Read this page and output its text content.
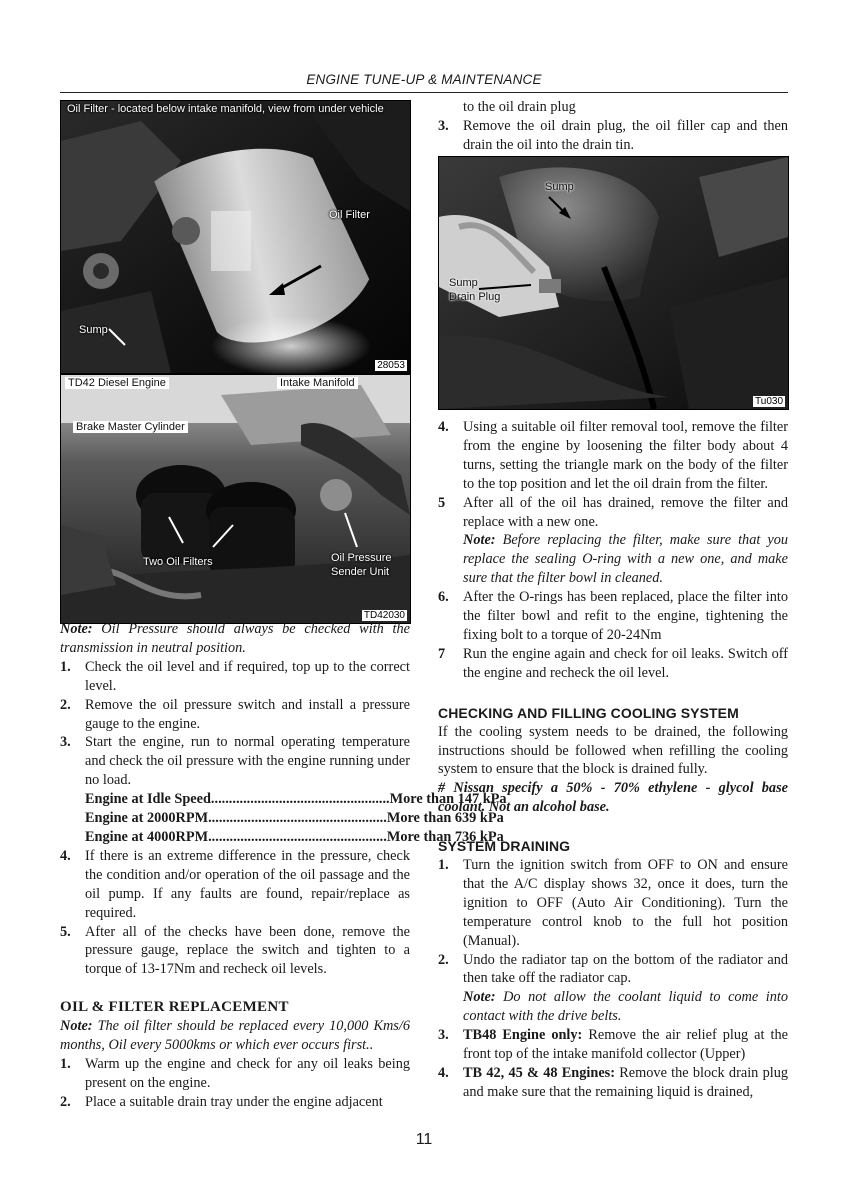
ENGINE TUNE-UP & MAINTENANCE
Oil Filter - located below intake manifold, view from under vehicle
Oil Filter
Sump
28053
TD42 Diesel Engine	Intake Manifold
Brake Master Cylinder
Two Oil Filters	Oil Pressure
Sender Unit
TD42030

Note: Oil Pressure should always be checked with the transmission in neutral position.

1. Check the oil level and if required, top up to the correct level.
2. Remove the oil pressure switch and install a pressure gauge to the engine.
3. Start the engine, run to normal operating temperature and check the oil pressure with the engine running under no load.
Engine at Idle Speed .................................................. More than 147 kPa
Engine at 2000RPM .................................................. More than 639 kPa
Engine at 4000RPM .................................................. More than 736 kPa
4. If there is an extreme difference in the pressure, check the condition and/or operation of the oil passage and the oil pump. If any faults are found, repair/replace as required.
5. After all of the checks have been done, remove the pressure gauge, replace the switch and tighten to a torque of 13-17Nm and recheck oil levels.

OIL & FILTER REPLACEMENT

Note: The oil filter should be replaced every 10,000 Kms/6 months, Oil every 5000kms or which ever occurs first..

1. Warm up the engine and check for any oil leaks being present on the engine.
2. Place a suitable drain tray under the engine adjacent

to the oil drain plug

3. Remove the oil drain plug, the oil filler cap and then drain the oil into the drain tin.
Sump
Sump
Drain Plug
Tu030
4. Using a suitable oil filter removal tool, remove the filter from the engine by loosening the filter body about 4 turns, setting the triangle mark on the body of the filter to the top position and let the oil drain from the filter.
5 After all of the oil has drained, remove the filter and replace with a new one.
Note: Before replacing the filter, make sure that you replace the sealing O-ring with a new one, and make sure that the filter bowl in cleaned.
6. After the O-rings has been replaced, place the filter into the filter bowl and refit to the engine, tightening the fixing bolt to a torque of 20-24Nm
7 Run the engine again and check for oil leaks. Switch off the engine and recheck the oil level.

CHECKING AND FILLING COOLING SYSTEM

If the cooling system needs to be drained, the following instructions should be followed when refilling the cooling system to ensure that the block is drained fully.

# Nissan specify a 50% - 70% ethylene - glycol base coolant. Not an alcohol base.

SYSTEM DRAINING

1. Turn the ignition switch from OFF to ON and ensure that the A/C display shows 32, once it does, turn the ignition to OFF (Auto Air Conditioning). Turn the temperature control knob to the full hot position (Manual).
2. Undo the radiator tap on the bottom of the radiator and then take off the radiator cap.
Note: Do not allow the coolant liquid to come into contact with the drive belts.
3. TB48 Engine only: Remove the air relief plug at the front top of the intake manifold collector (Upper)
4. TB 42, 45 & 48 Engines: Remove the block drain plug and make sure that the remaining liquid is drained,
11
